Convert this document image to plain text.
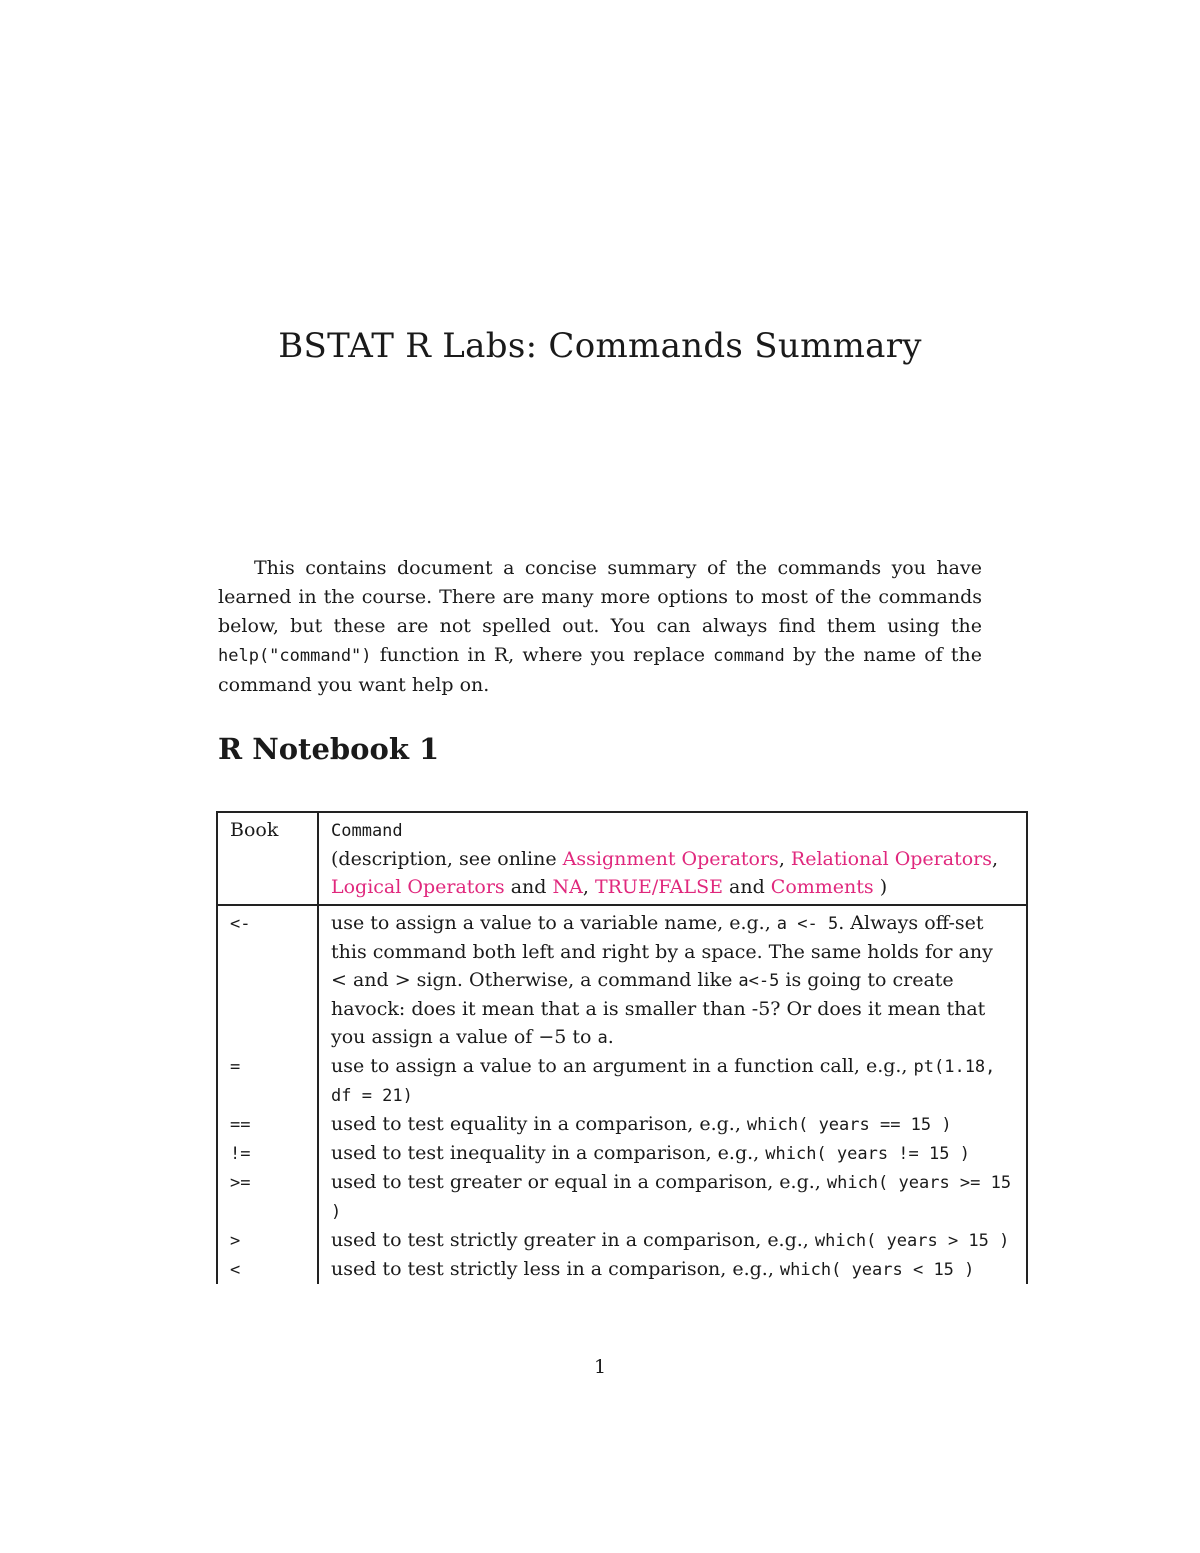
BSTAT R Labs: Commands Summary

This contains document a concise summary of the commands you have learned in the course. There are many more options to most of the commands below, but these are not spelled out. You can always find them using the help("command") function in R, where you replace command by the name of the command you want help on.

R Notebook 1
Book	Command
(description, see online Assignment Operators, Relational Operators, Logical Operators and NA, TRUE/FALSE and Comments )
<-	use to assign a value to a variable name, e.g., a <- 5. Always off-set this command both left and right by a space. The same holds for any < and > sign. Otherwise, a command like a<-5 is going to create havock: does it mean that a is smaller than -5? Or does it mean that you assign a value of −5 to a.
=	use to assign a value to an argument in a function call, e.g., pt(1.18, df = 21)
==	used to test equality in a comparison, e.g., which( years == 15 )
!=	used to test inequality in a comparison, e.g., which( years != 15 )
>=	used to test greater or equal in a comparison, e.g., which( years >= 15 )
>	used to test strictly greater in a comparison, e.g., which( years > 15 )
<	used to test strictly less in a comparison, e.g., which( years < 15 )
1
